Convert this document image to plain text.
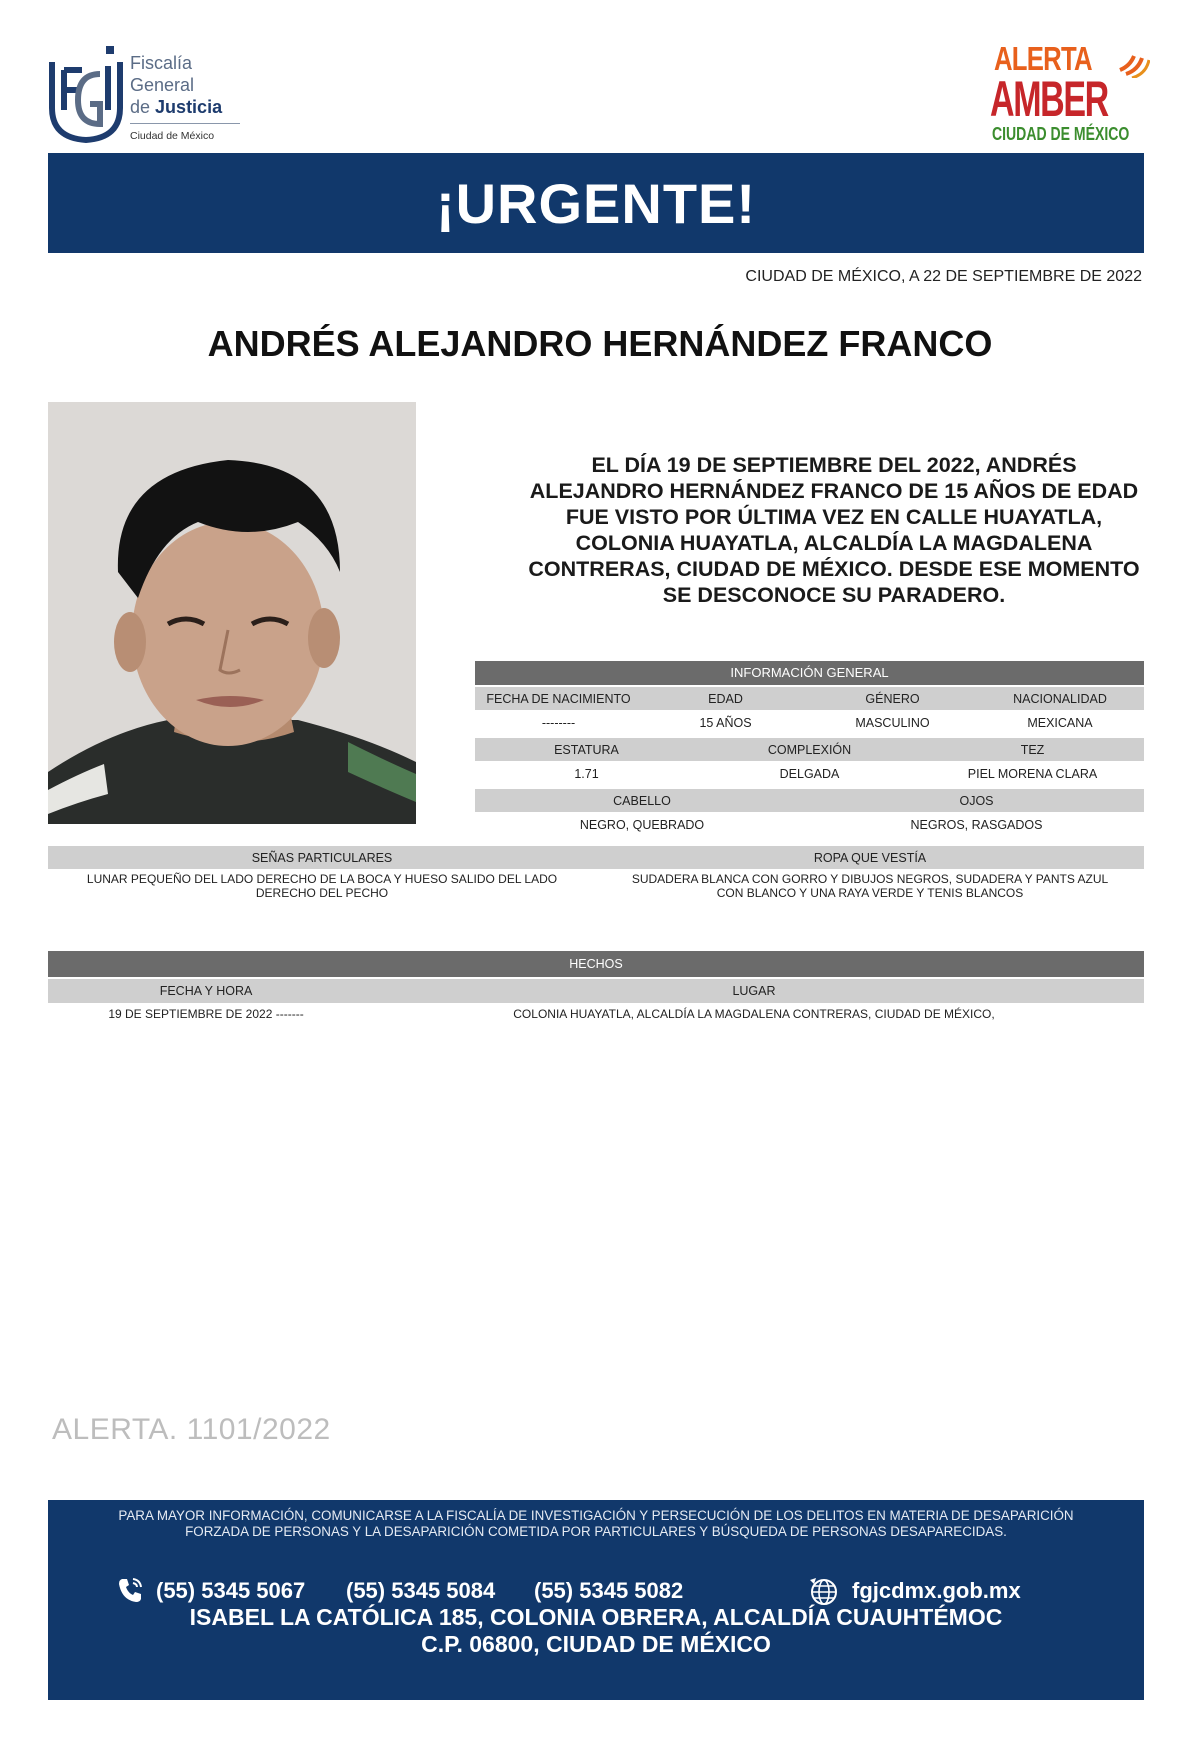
Fiscalía
General
de Justicia
Ciudad de México
ALERTA
AMBER
CIUDAD DE MÉXICO
¡URGENTE!
CIUDAD DE MÉXICO, A 22 DE SEPTIEMBRE DE 2022
ANDRÉS ALEJANDRO HERNÁNDEZ FRANCO
EL DÍA 19 DE SEPTIEMBRE DEL 2022, ANDRÉS
ALEJANDRO HERNÁNDEZ FRANCO DE 15 AÑOS DE EDAD
FUE VISTO POR ÚLTIMA VEZ EN CALLE HUAYATLA,
COLONIA HUAYATLA, ALCALDÍA LA MAGDALENA
CONTRERAS, CIUDAD DE MÉXICO. DESDE ESE MOMENTO
SE DESCONOCE SU PARADERO.
INFORMACIÓN GENERAL
FECHA DE NACIMIENTO	EDAD	GÉNERO	NACIONALIDAD
--------	15 AÑOS	MASCULINO	MEXICANA
ESTATURA	COMPLEXIÓN	TEZ
1.71	DELGADA	PIEL MORENA CLARA
CABELLO	OJOS
NEGRO, QUEBRADO	NEGROS, RASGADOS
SEÑAS PARTICULARES	ROPA QUE VESTÍA
LUNAR PEQUEÑO DEL LADO DERECHO DE LA BOCA Y HUESO SALIDO DEL LADO
DERECHO DEL PECHO
SUDADERA BLANCA CON GORRO Y DIBUJOS NEGROS, SUDADERA Y PANTS AZUL
CON BLANCO Y UNA RAYA VERDE Y TENIS BLANCOS
HECHOS
FECHA Y HORA	LUGAR
19 DE SEPTIEMBRE DE 2022 -------	COLONIA HUAYATLA, ALCALDÍA LA MAGDALENA CONTRERAS, CIUDAD DE MÉXICO,
ALERTA. 1101/2022
PARA MAYOR INFORMACIÓN, COMUNICARSE A LA FISCALÍA DE INVESTIGACIÓN Y PERSECUCIÓN DE LOS DELITOS EN MATERIA DE DESAPARICIÓN
FORZADA DE PERSONAS Y LA DESAPARICIÓN COMETIDA POR PARTICULARES Y BÚSQUEDA DE PERSONAS DESAPARECIDAS.
(55) 5345 5067 (55) 5345 5084 (55) 5345 5082	fgjcdmx.gob.mx
ISABEL LA CATÓLICA 185, COLONIA OBRERA, ALCALDÍA CUAUHTÉMOC
C.P. 06800, CIUDAD DE MÉXICO
